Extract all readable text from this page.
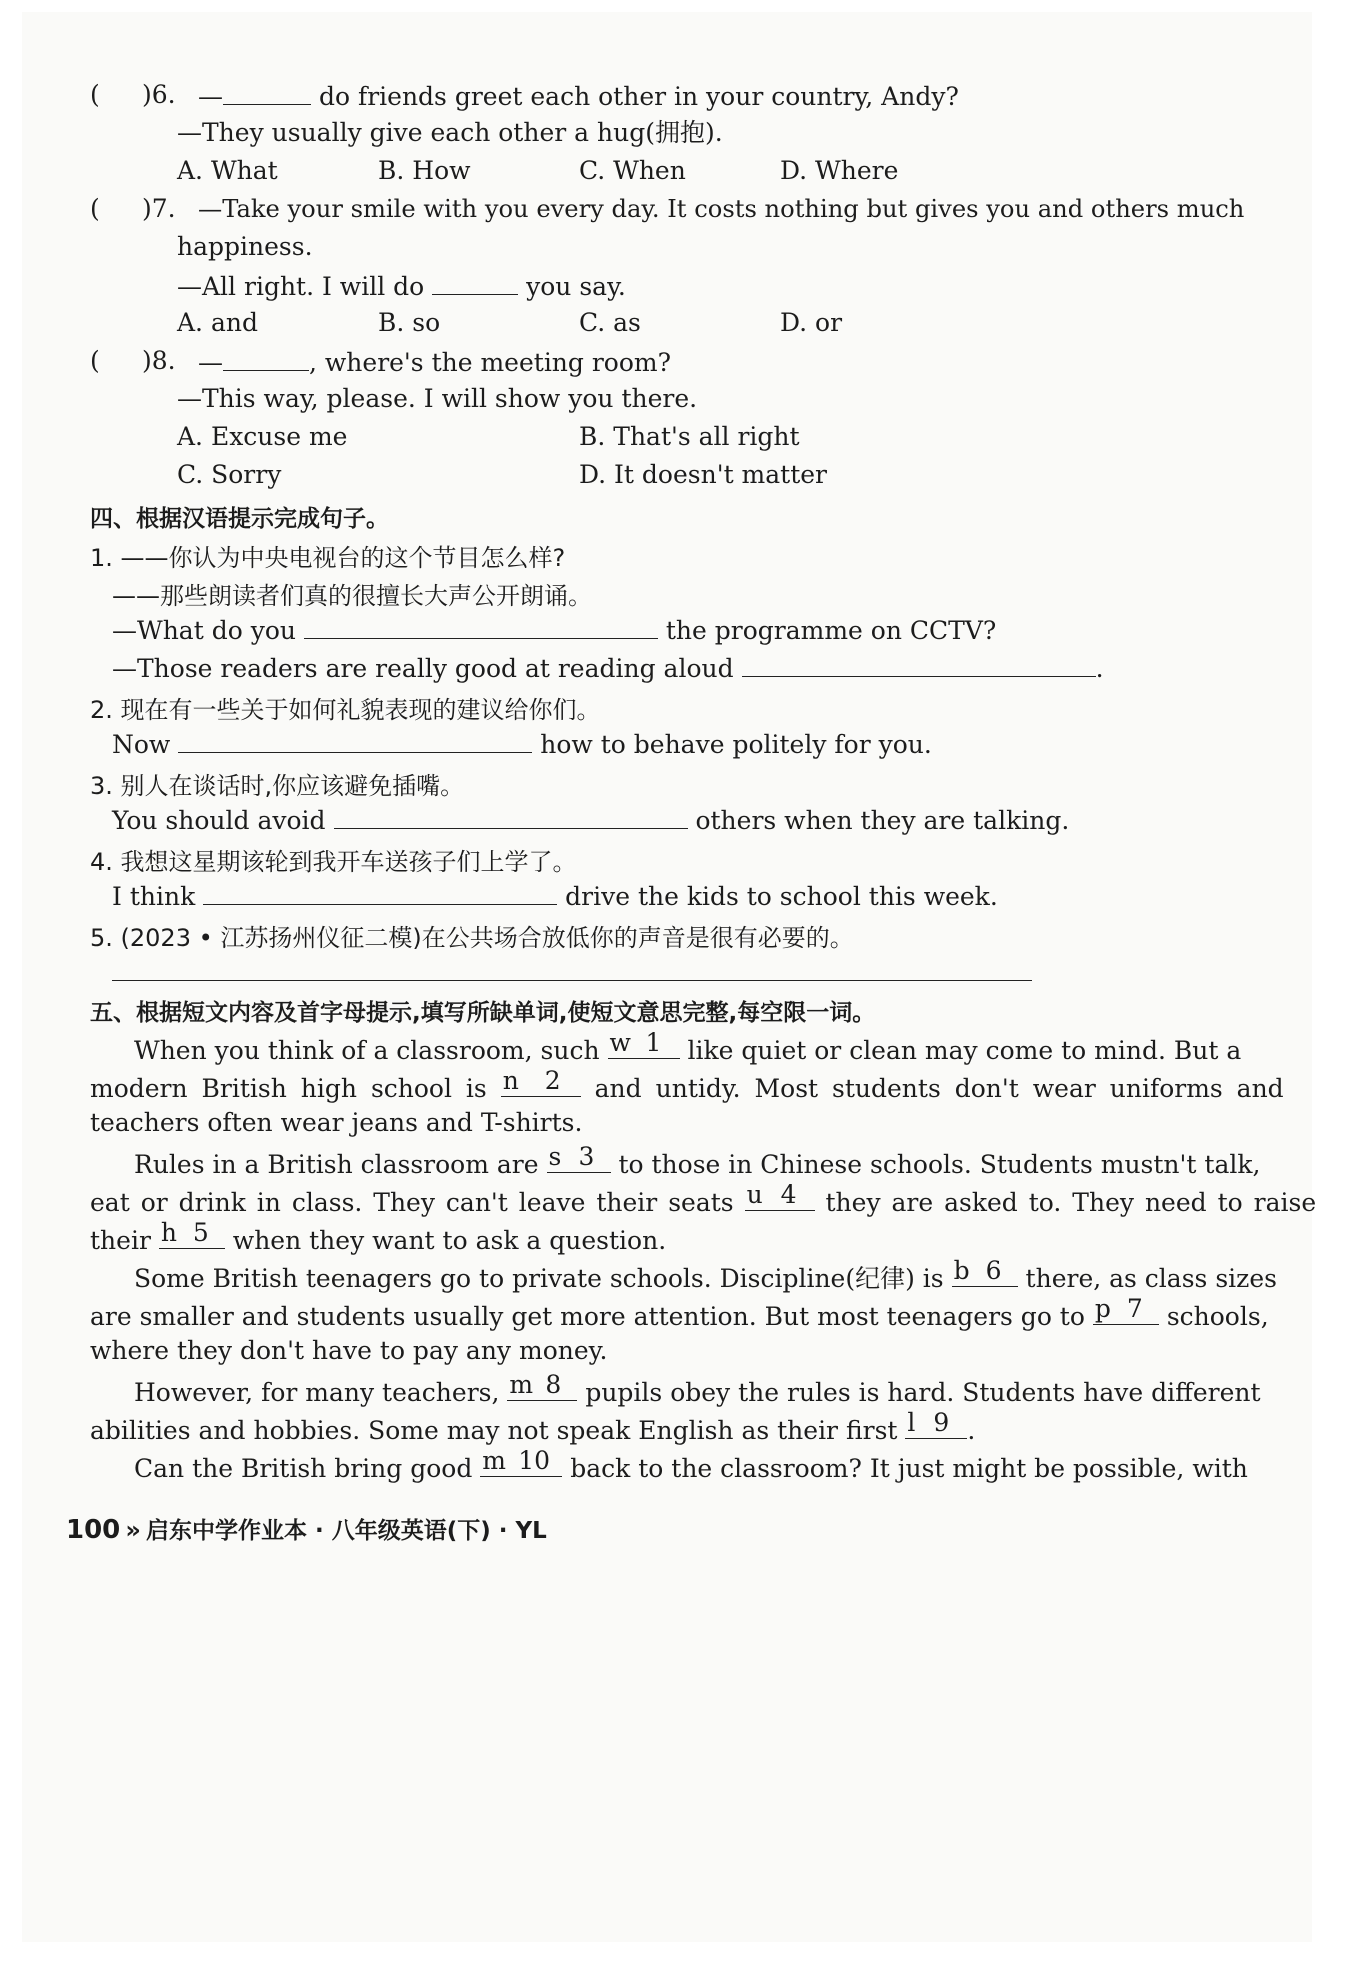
( )6. —	do friends greet each other in your country, Andy?
—They usually give each other a hug(拥抱).
A. What	B. How	C. When	D. Where
( )7. —Take your smile with you every day. It costs nothing but gives you and others much
happiness.
—All right. I will do	you say.
A. and	B. so	C. as	D. or
( )8. —	, where's the meeting room?
—This way, please. I will show you there.
A. Excuse me	B. That's all right
C. Sorry	D. It doesn't matter
四、根据汉语提示完成句子。
1. ——你认为中央电视台的这个节目怎么样?
——那些朗读者们真的很擅长大声公开朗诵。
—What do you	the programme on CCTV?
—Those readers are really good at reading aloud	.
2. 现在有一些关于如何礼貌表现的建议给你们。
Now	how to behave politely for you.
3. 别人在谈话时,你应该避免插嘴。
You should avoid	others when they are talking.
4. 我想这星期该轮到我开车送孩子们上学了。
I think	drive the kids to school this week.
5. (2023 • 江苏扬州仪征二模)在公共场合放低你的声音是很有必要的。
五、根据短文内容及首字母提示,填写所缺单词,使短文意思完整,每空限一词。
When you think of a classroom, such w 1 like quiet or clean may come to mind. But a
modern British high school is n 2 and untidy. Most students don't wear uniforms and
teachers often wear jeans and T-shirts.
Rules in a British classroom are s 3 to those in Chinese schools. Students mustn't talk,
eat or drink in class. They can't leave their seats u 4 they are asked to. They need to raise
their h 5 when they want to ask a question.
Some British teenagers go to private schools. Discipline(纪律) is b 6 there, as class sizes
are smaller and students usually get more attention. But most teenagers go to p 7 schools,
where they don't have to pay any money.
However, for many teachers, m 8 pupils obey the rules is hard. Students have different
abilities and hobbies. Some may not speak English as their first l 9 .
Can the British bring good m 10 back to the classroom? It just might be possible, with
100 » 启东中学作业本 · 八年级英语(下) · YL
